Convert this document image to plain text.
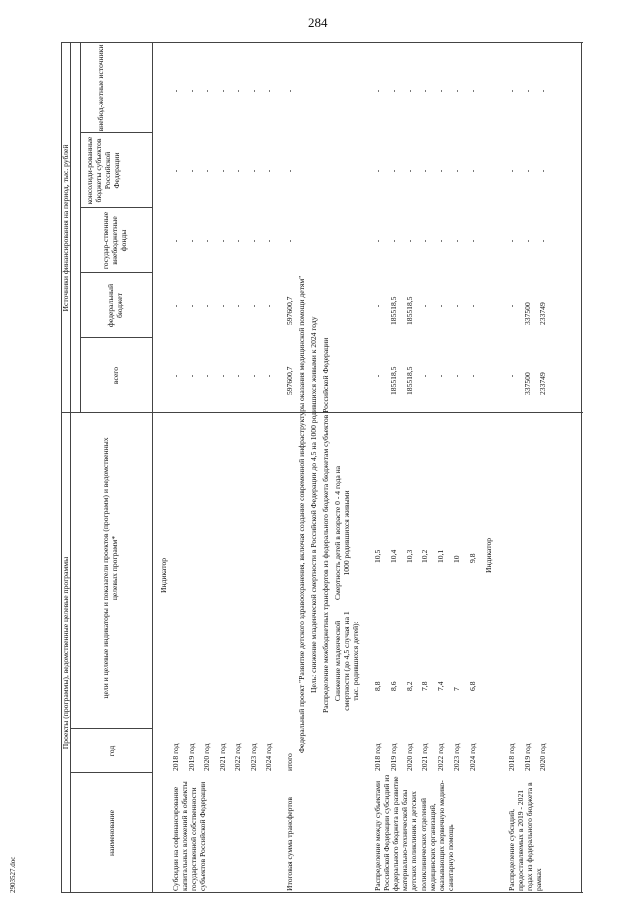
284
2903527.doc
Проекты (программы), ведомственные целевые программы
Источники финансирования на период, тыс. рублей
наименование
год
цели и целевые индикаторы и показатели проектов (программ) и ведомственных целевых программ*
всего
федеральный бюджет
государ-ственные внебюджетные фонды
консолиди-рованные бюджеты субъектов Российской Федерации
внебюд-жетные источники
Индикатор
Субсидии на софинансирование капитальных вложений в объекты государственной собственности субъектов Российской Федерации
2018 год
-
-
-
-
-
2019 год
-
-
-
-
-
2020 год
-
-
-
-
-
2021 год
-
-
-
-
-
2022 год
-
-
-
-
-
2023 год
-
-
-
-
-
2024 год
-
-
-
-
-
Итоговая сумма трансфертов
итого
597600,7
597600,7
-
-
-
Федеральный проект "Развитие детского здравоохранения, включая создание современной инфраструктуры оказания медицинской помощи детям" Цель: снижение младенческой смертности в Российской Федерации до 4,5 на 1000 родившихся живыми к 2024 году Распределение межбюджетных трансфертов из федерального бюджета бюджетам субъектов Российской Федерации Снижение младенческой смертности (до 4,5 случая на 1 тыс. родившихся детей):
Смертность детей в возрасте 0 - 4 года на 1000 родившихся живыми
Распределение между субъектами Российской Федерации субсидий из федерального бюджета на развитие материально-технической базы детских поликлиник и детских поликлинических отделений медицинских организаций, оказывающих первичную медико-санитарную помощь
2018 год
8,8
10,5
-
-
-
-
-
2019 год
8,6
10,4
185518,5
185518,5
-
-
-
2020 год
8,2
10,3
185518,5
185518,5
-
-
-
2021 год
7,8
10,2
-
-
-
-
-
2022 год
7,4
10,1
-
-
-
-
-
2023 год
7
10
-
-
-
-
-
2024 год
6,8
9,8
-
-
-
-
-
Индикатор
Распределение субсидий, предоставляемых в 2019 - 2021 годах из федерального бюджета в рамках
2018 год
-
-
-
-
-
2019 год
337500
337500
-
-
-
2020 год
233749
233749
-
-
-
